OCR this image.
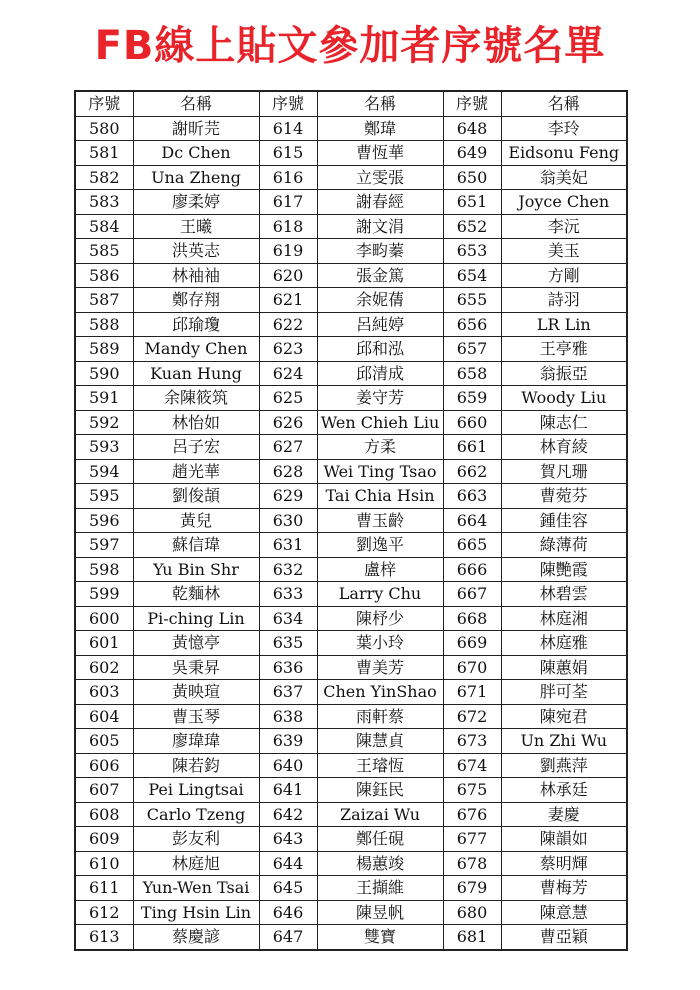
FB線上貼文參加者序號名單
序號	名稱	序號	名稱	序號	名稱
580	謝昕芫	614	鄭瑋	648	李玲
581	Dc Chen	615	曹恆華	649	Eidsonu Feng
582	Una Zheng	616	立雯張	650	翁美妃
583	廖柔婷	617	謝春經	651	Joyce Chen
584	王曦	618	謝文涓	652	李沅
585	洪英志	619	李畇蓁	653	美玉
586	林袖袖	620	張金篤	654	方剛
587	鄭存翔	621	余妮蒨	655	詩羽
588	邱瑜瓊	622	呂純婷	656	LR Lin
589	Mandy Chen	623	邱和泓	657	王亭雅
590	Kuan Hung	624	邱清成	658	翁振亞
591	余陳筱筑	625	姜守芳	659	Woody Liu
592	林怡如	626	Wen Chieh Liu	660	陳志仁
593	呂子宏	627	方柔	661	林育綾
594	趙光華	628	Wei Ting Tsao	662	賀凡珊
595	劉俊頡	629	Tai Chia Hsin	663	曹菀芬
596	黃兒	630	曹玉齡	664	鍾佳容
597	蘇信瑋	631	劉逸平	665	綠薄荷
598	Yu Bin Shr	632	盧梓	666	陳艷霞
599	乾麵林	633	Larry Chu	667	林碧雲
600	Pi-ching Lin	634	陳杼少	668	林庭湘
601	黃憶亭	635	葉小玲	669	林庭雅
602	吳秉昇	636	曹美芳	670	陳蕙娟
603	黃映瑄	637	Chen YinShao	671	胖可荃
604	曹玉琴	638	雨軒蔡	672	陳宛君
605	廖瑋瑋	639	陳慧貞	673	Un Zhi Wu
606	陳若鈞	640	王璿恆	674	劉燕萍
607	Pei Lingtsai	641	陳鈺民	675	林承廷
608	Carlo Tzeng	642	Zaizai Wu	676	妻慶
609	彭友利	643	鄭任硯	677	陳韻如
610	林庭旭	644	楊蕙竣	678	蔡明輝
611	Yun-Wen Tsai	645	王擷維	679	曹梅芳
612	Ting Hsin Lin	646	陳昱帆	680	陳意慧
613	蔡慶諺	647	雙寶	681	曹亞穎
